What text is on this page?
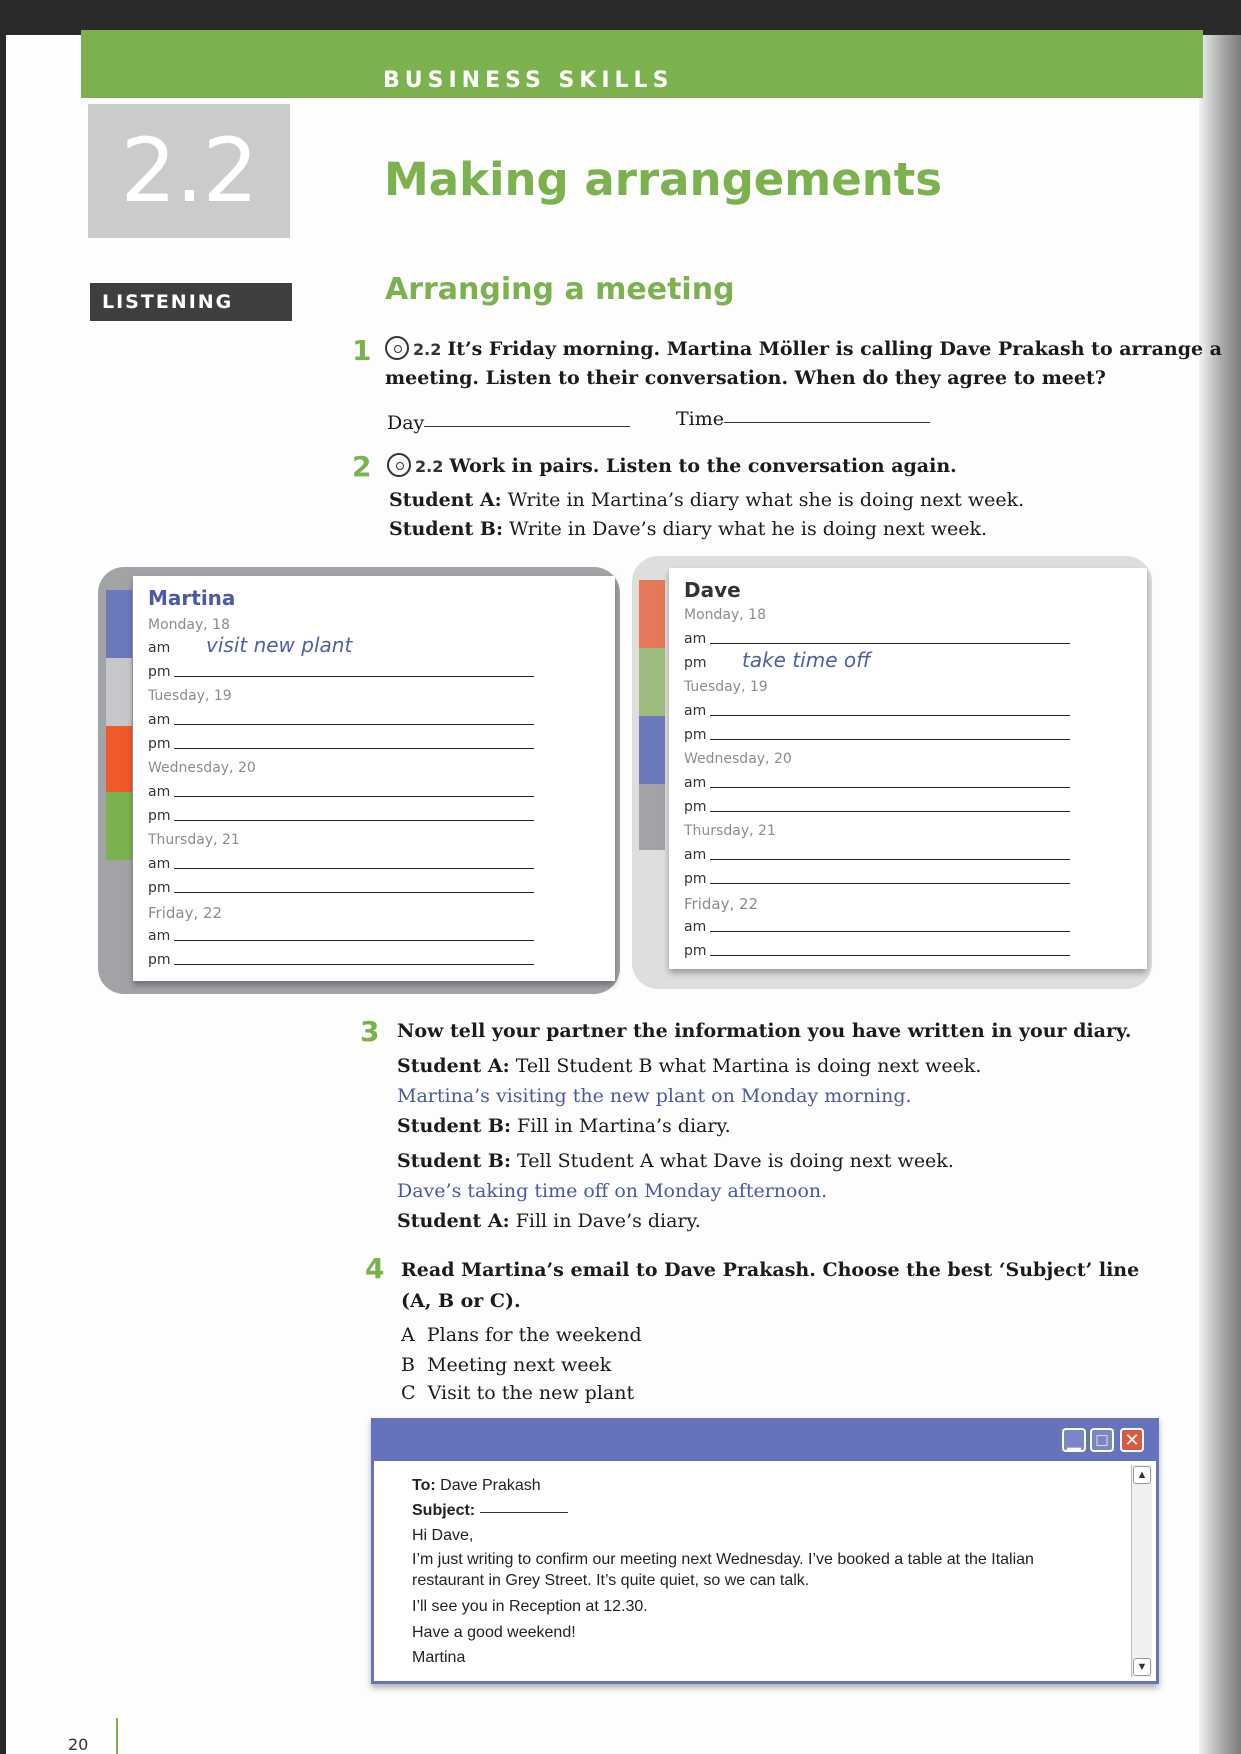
BUSINESS SKILLS
2.2	Making arrangements
LISTENING	Arranging a meeting
1	2.2 It’s Friday morning. Martina Möller is calling Dave Prakash to arrange a
meeting. Listen to their conversation. When do they agree to meet?
Day	Time
2	2.2 Work in pairs. Listen to the conversation again.
Student A: Write in Martina’s diary what she is doing next week.
Student B: Write in Dave’s diary what he is doing next week.
Martina
Monday, 18
am visit new plant
pm
Tuesday, 19
am
pm
Wednesday, 20
am
pm
Thursday, 21
am
pm
Friday, 22
am
pm
Dave
Monday, 18
am
pm take time off
Tuesday, 19
am
pm
Wednesday, 20
am
pm
Thursday, 21
am
pm
Friday, 22
am
pm
3 Now tell your partner the information you have written in your diary.
Student A: Tell Student B what Martina is doing next week.
Martina’s visiting the new plant on Monday morning.
Student B: Fill in Martina’s diary.
Student B: Tell Student A what Dave is doing next week.
Dave’s taking time off on Monday afternoon.
Student A: Fill in Dave’s diary.
4 Read Martina’s email to Dave Prakash. Choose the best ‘Subject’ line
(A, B or C).
A Plans for the weekend
B Meeting next week
C Visit to the new plant
▁ □ ✕
▲
▼
To: Dave Prakash
Subject:
Hi Dave,
I’m just writing to confirm our meeting next Wednesday. I’ve booked a table at the Italian
restaurant in Grey Street. It’s quite quiet, so we can talk.
I’ll see you in Reception at 12.30.
Have a good weekend!
Martina
20
